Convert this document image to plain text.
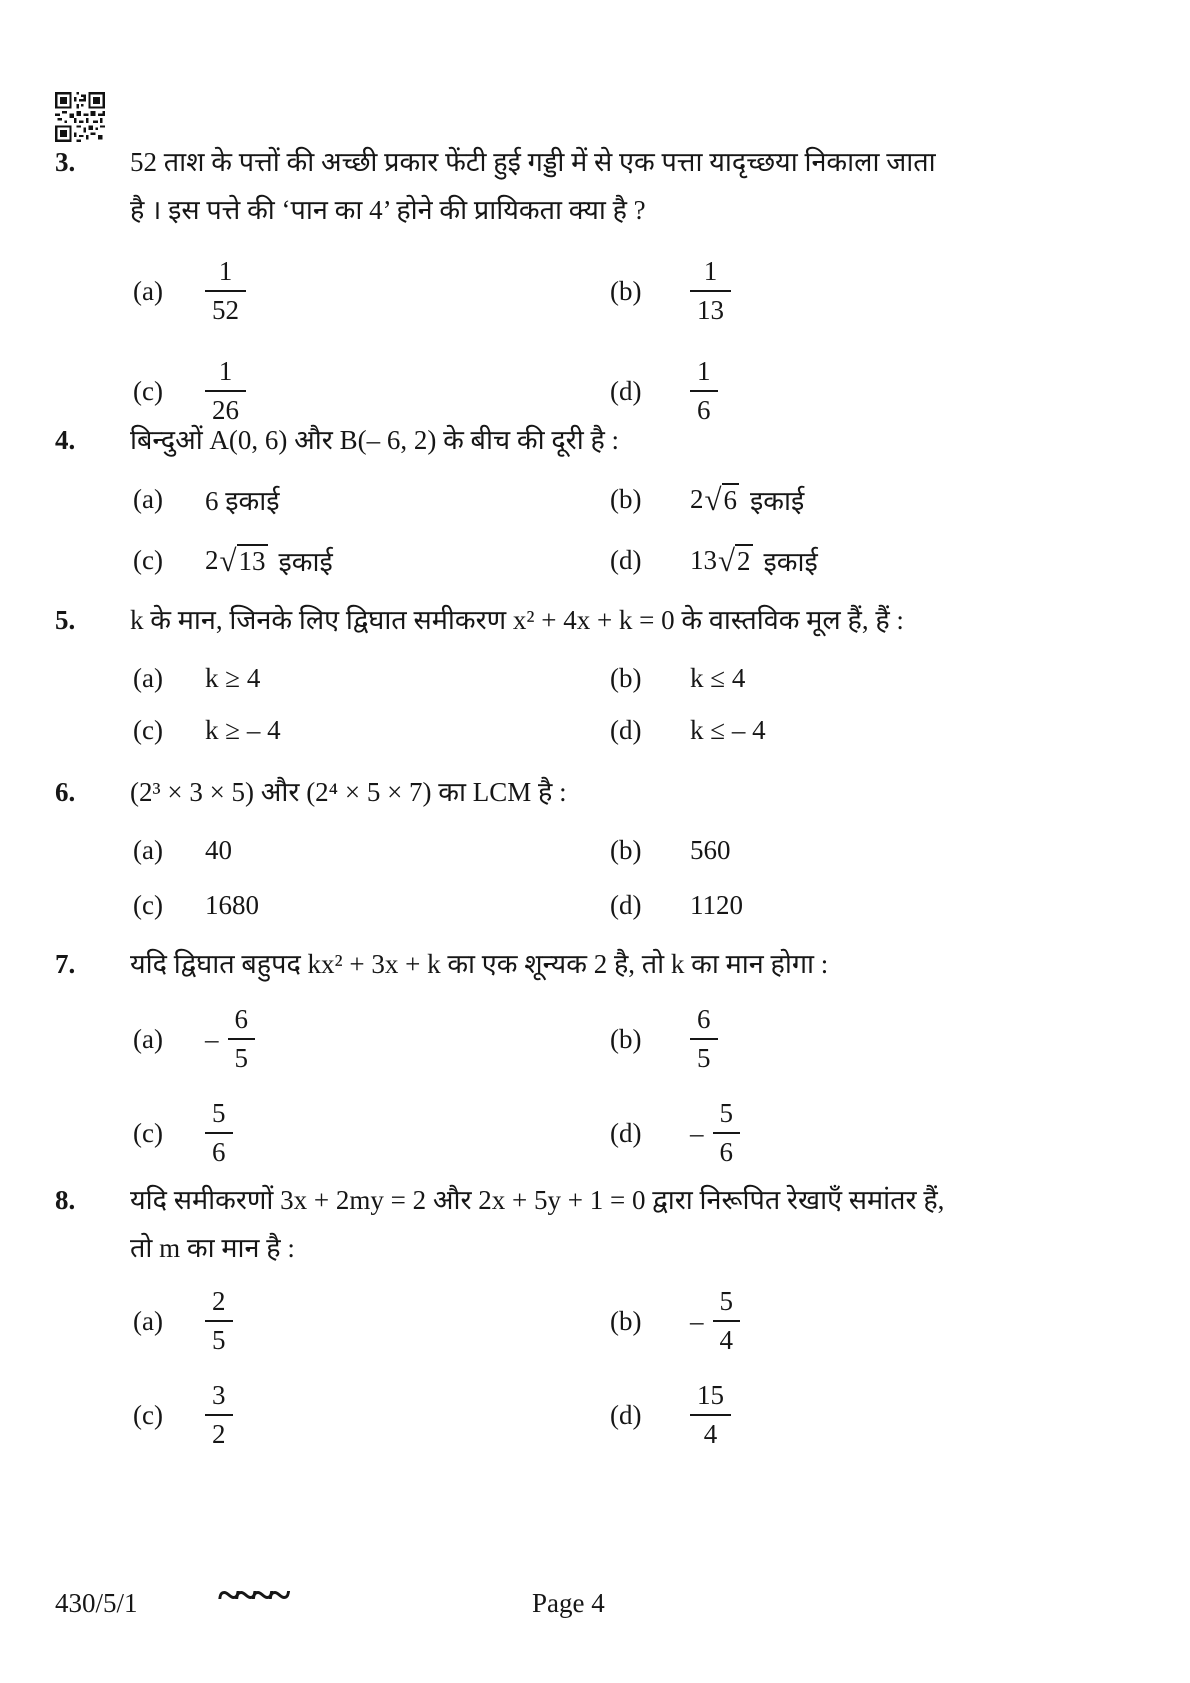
3.	52 ताश के पत्तों की अच्छी प्रकार फेंटी हुई गड्डी में से एक पत्ता यादृच्छया निकाला जाता
है । इस पत्ते की ‘पान का 4’ होने की प्रायिकता क्या है ?
(a)	$\frac{1}{52}$	(b)	$\frac{1}{13}$
(c)	$\frac{1}{26}$	(d)	$\frac{1}{6}$
4.	बिन्दुओं A(0, 6) और B(– 6, 2) के बीच की दूरी है :
(a)	6 इकाई	(b)	2 √ 6 इकाई
(c)	2 √ 13 इकाई	(d)	13 √ 2 इकाई
5.	k के मान, जिनके लिए द्विघात समीकरण x² + 4x + k = 0 के वास्तविक मूल हैं, हैं :
(a)	k ≥ 4	(b)	k ≤ 4
(c)	k ≥ – 4	(d)	k ≤ – 4
6.	(2³ × 3 × 5) और (2⁴ × 5 × 7) का LCM है :
(a)	40	(b)	560
(c)	1680	(d)	1120
7.	यदि द्विघात बहुपद kx² + 3x + k का एक शून्यक 2 है, तो k का मान होगा :
(a)	– $\frac{6}{5}$	(b)	$\frac{6}{5}$
(c)	$\frac{5}{6}$	(d)	– $\frac{5}{6}$
8.	यदि समीकरणों 3x + 2my = 2 और 2x + 5y + 1 = 0 द्वारा निरूपित रेखाएँ समांतर हैं,
तो m का मान है :
(a)	$\frac{2}{5}$	(b)	– $\frac{5}{4}$
(c)	$\frac{3}{2}$	(d)	$\frac{15}{4}$
430/5/1 ~~~~	Page 4
